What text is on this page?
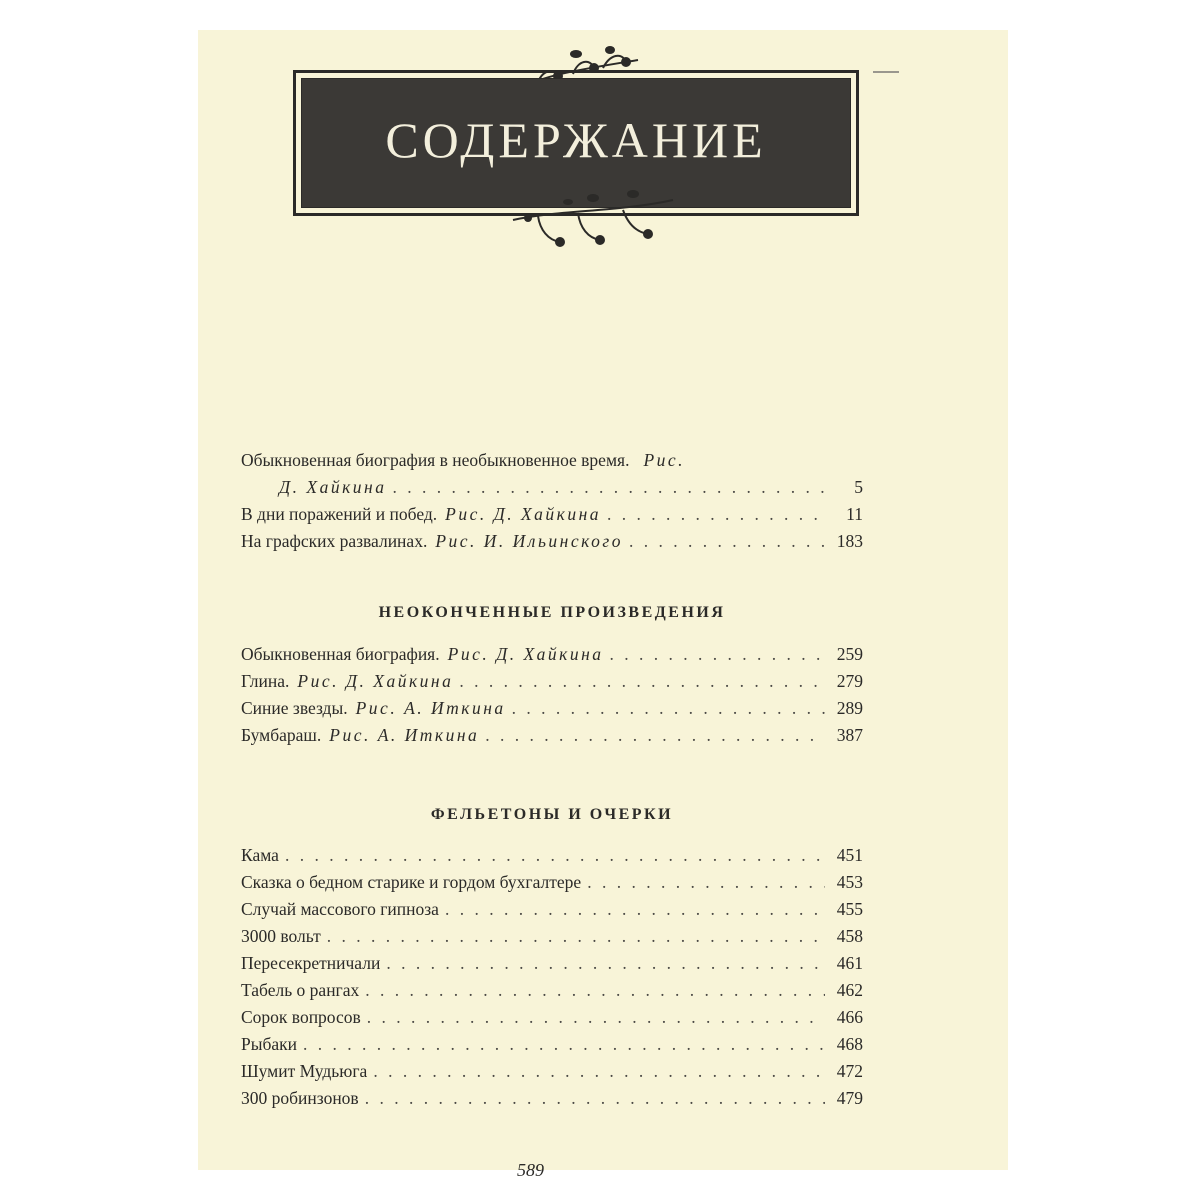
СОДЕРЖАНИЕ
Обыкновенная биография в необыкновенное время. Рис.
Д. Хайкина . . .	5
В дни поражений и побед. Рис. Д. Хайкина . . .	11
На графских развалинах. Рис. И. Ильинского . . .	183
НЕОКОНЧЕННЫЕ ПРОИЗВЕДЕНИЯ
Обыкновенная биография. Рис. Д. Хайкина . . .	259
Глина. Рис. Д. Хайкина . . .	279
Синие звезды. Рис. А. Иткина . . .	289
Бумбараш. Рис. А. Иткина . . .	387
ФЕЛЬЕТОНЫ И ОЧЕРКИ
Кама . . .	451
Сказка о бедном старике и гордом бухгалтере . . .	453
Случай массового гипноза . . .	455
3000 вольт . . .	458
Пересекретничали . . .	461
Табель о рангах . . .	462
Сорок вопросов . . .	466
Рыбаки . . .	468
Шумит Мудьюга . . .	472
300 робинзонов . . .	479
589
